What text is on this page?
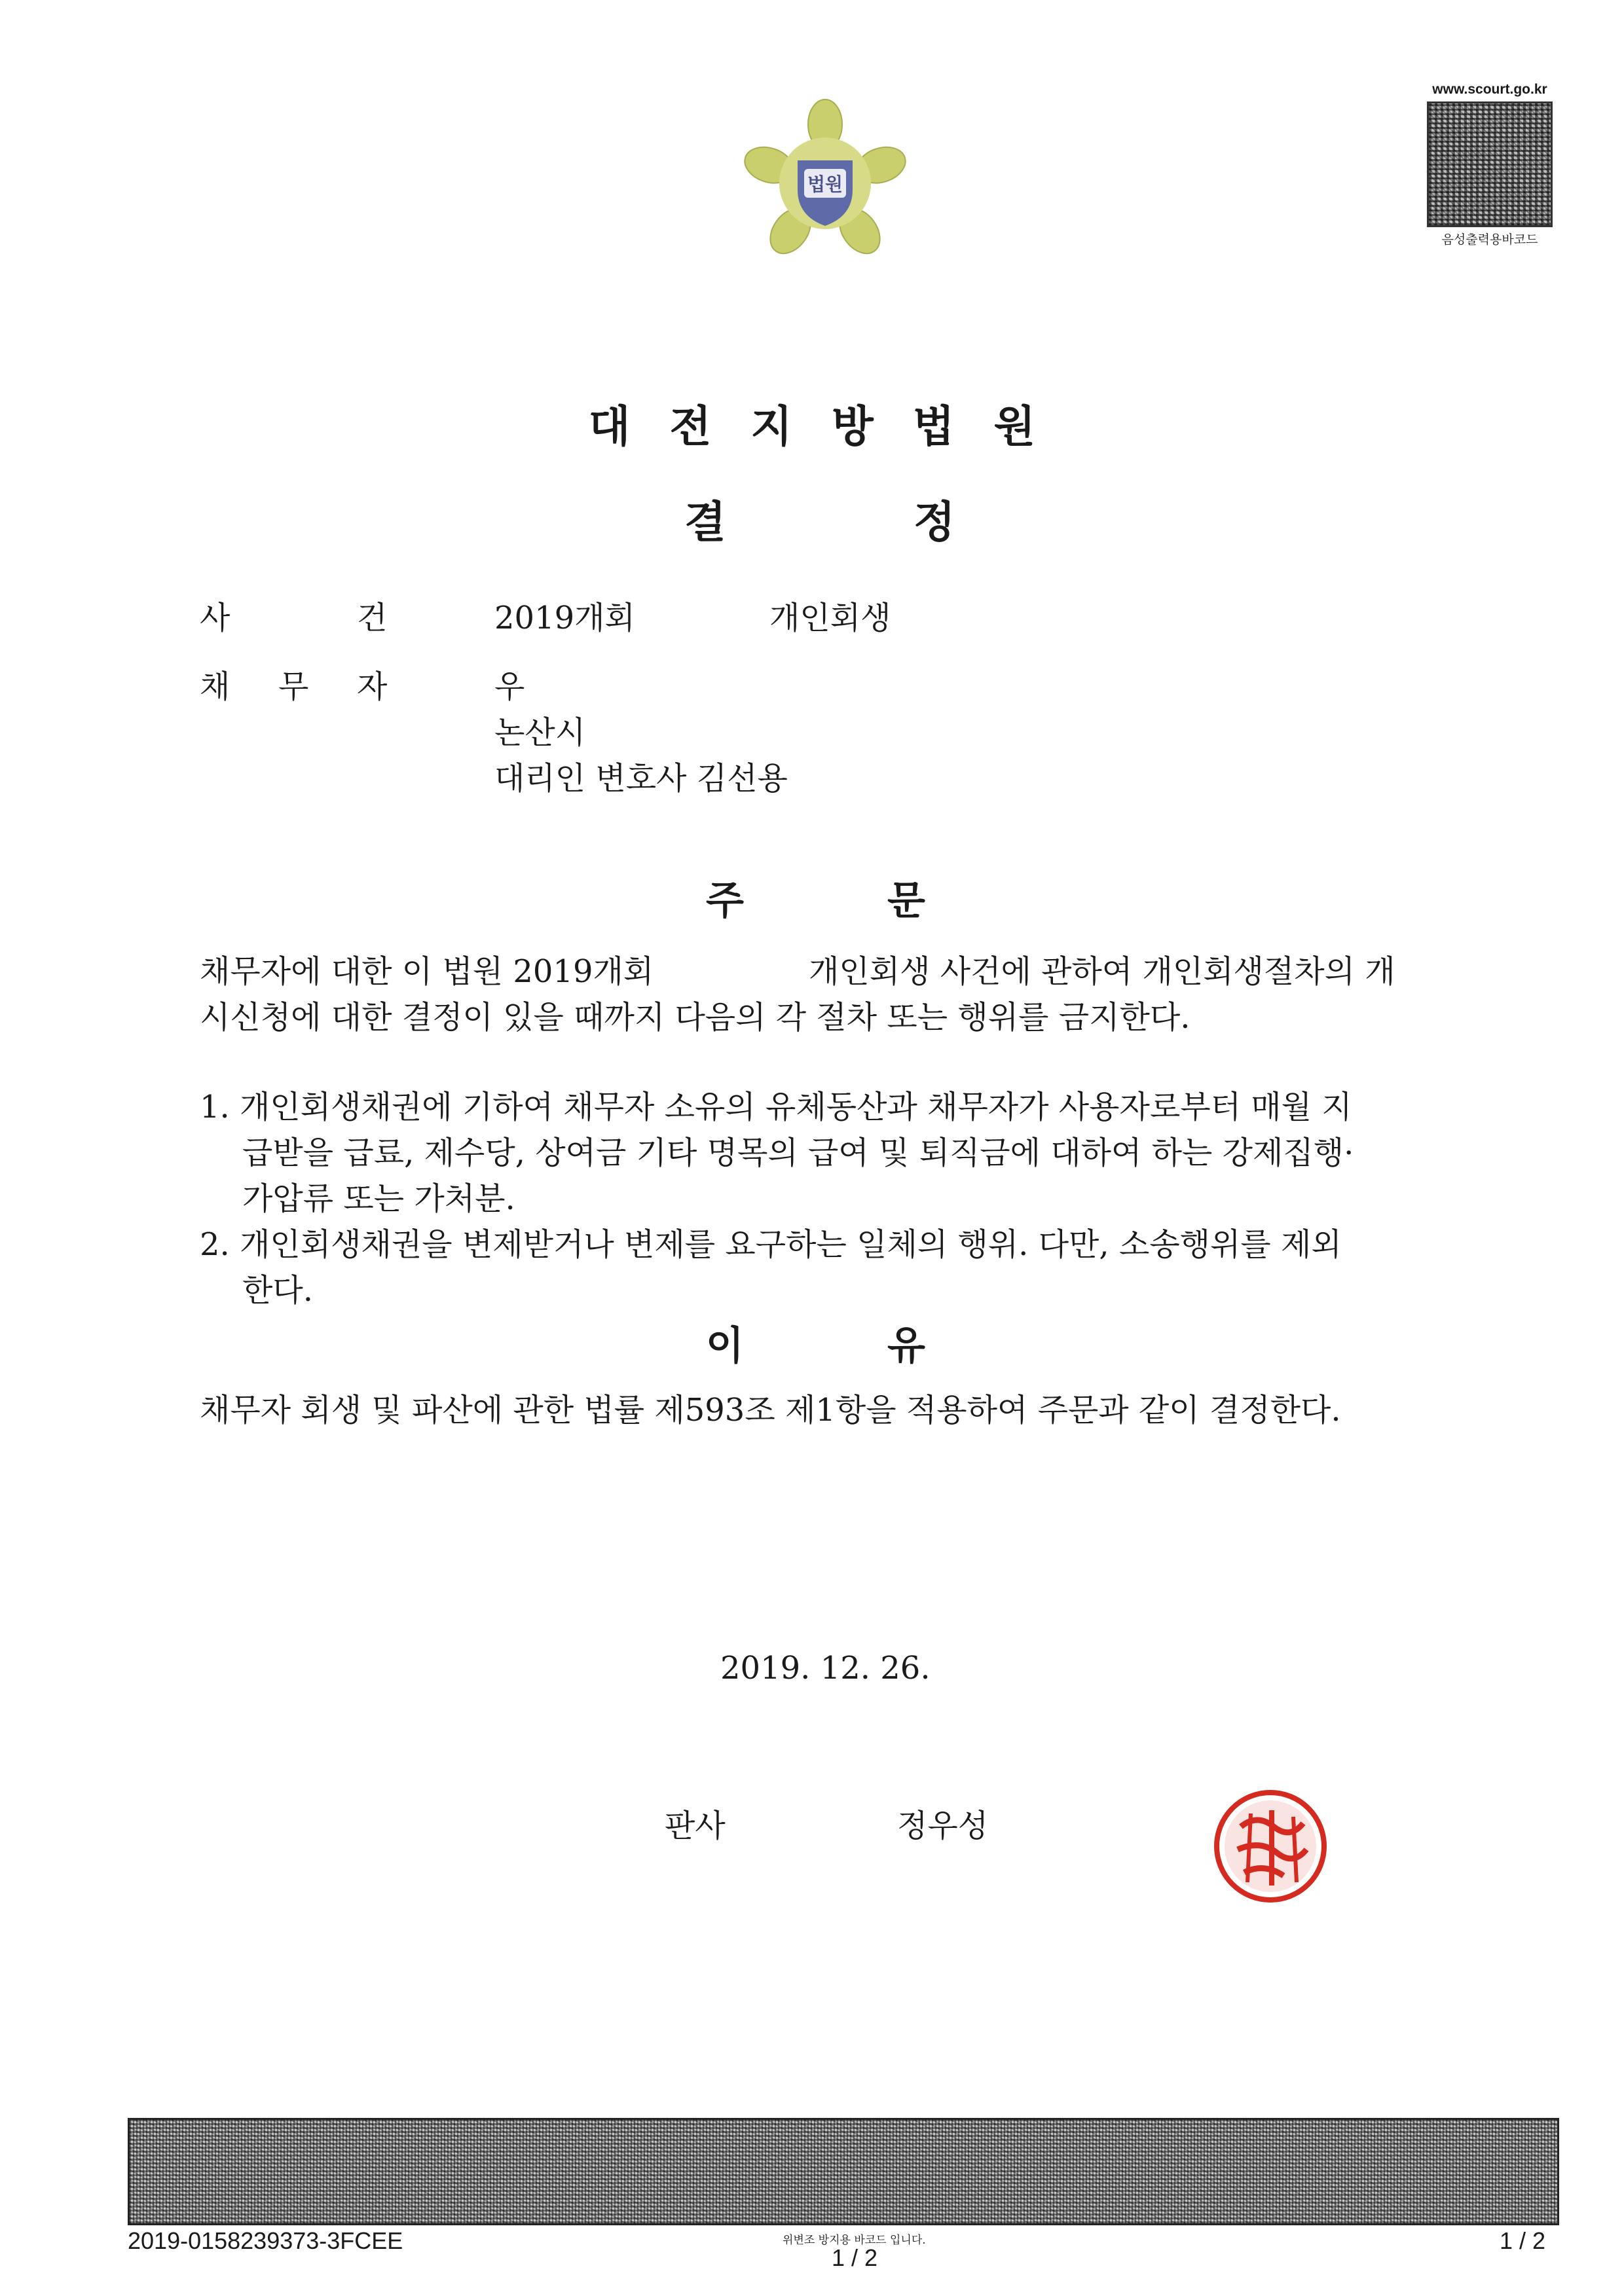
법원
www.scourt.go.kr
음성출력용바코드
대전지방법원
결	정
사	건	2019개회	개인회생
채 무 자	우
논산시
대리인 변호사 김선용
주	문
채무자에 대한 이 법원 2019개회	개인회생 사건에 관하여 개인회생절차의 개
시신청에 대한 결정이 있을 때까지 다음의 각 절차 또는 행위를 금지한다.
1. 개인회생채권에 기하여 채무자 소유의 유체동산과 채무자가 사용자로부터 매월 지
급받을 급료, 제수당, 상여금 기타 명목의 급여 및 퇴직금에 대하여 하는 강제집행·
가압류 또는 가처분.
2. 개인회생채권을 변제받거나 변제를 요구하는 일체의 행위. 다만, 소송행위를 제외
한다.
이	유
채무자 회생 및 파산에 관한 법률 제593조 제1항을 적용하여 주문과 같이 결정한다.
2019. 12. 26.
판사	정우성
2019-0158239373-3FCEE	위변조 방지용 바코드 입니다.
1 / 2
1 / 2
